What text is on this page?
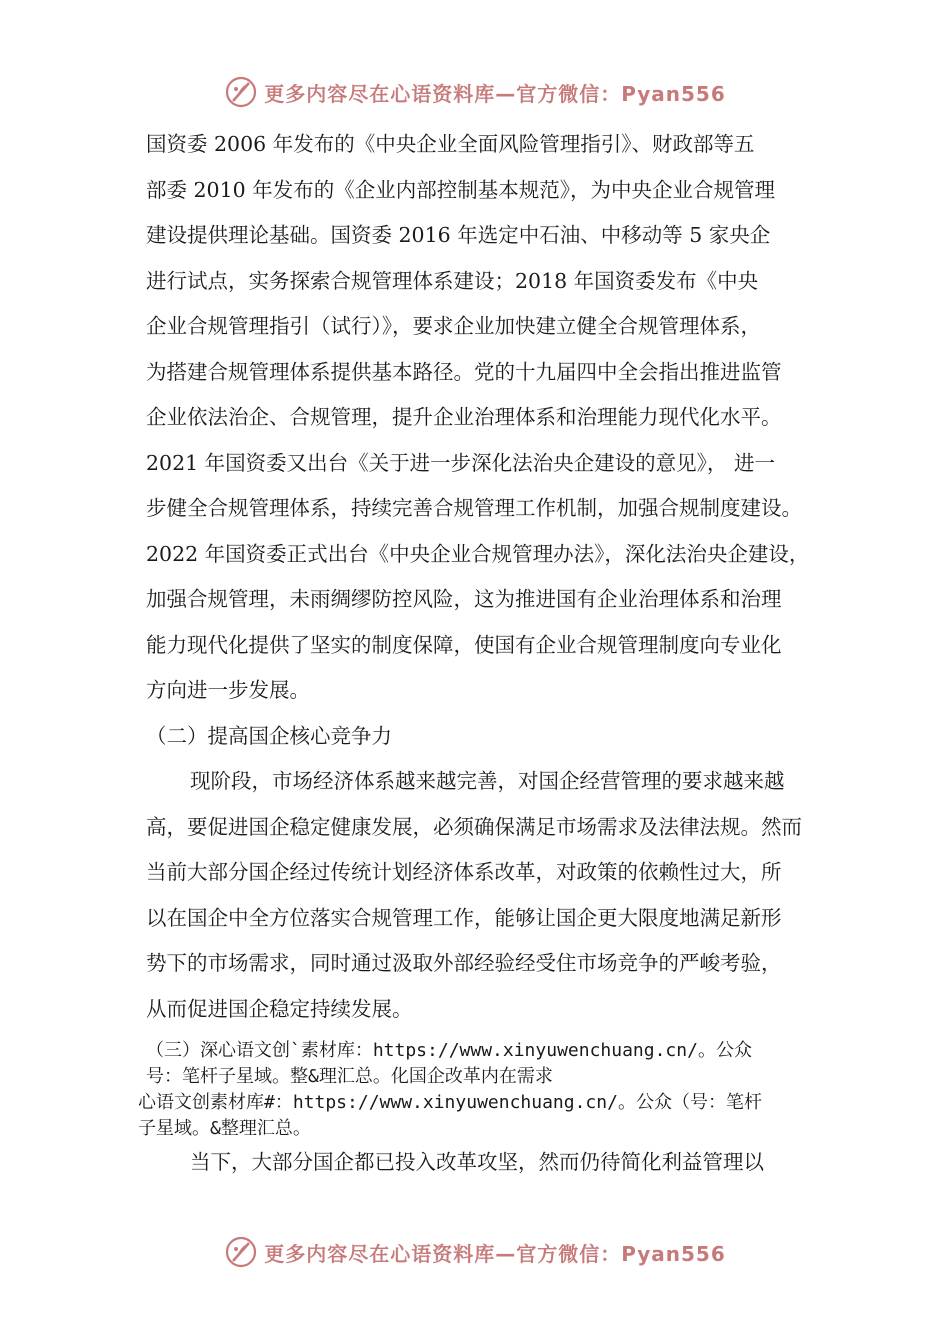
更多内容尽在心语资料库—官方微信：Pyan556
国资委 2006 年发布的《中央企业全面风险管理指引》、财政部等五
部委 2010 年发布的《企业内部控制基本规范》，为中央企业合规管理
建设提供理论基础。国资委 2016 年选定中石油、中移动等 5 家央企
进行试点，实务探索合规管理体系建设；2018 年国资委发布《中央
企业合规管理指引（试行）》，要求企业加快建立健全合规管理体系，
为搭建合规管理体系提供基本路径。党的十九届四中全会指出推进监管
企业依法治企、合规管理，提升企业治理体系和治理能力现代化水平。
2021 年国资委又出台《关于进一步深化法治央企建设的意见》， 进一
步健全合规管理体系，持续完善合规管理工作机制，加强合规制度建设。
2022 年国资委正式出台《中央企业合规管理办法》，深化法治央企建设，
加强合规管理，未雨绸缪防控风险，这为推进国有企业治理体系和治理
能力现代化提供了坚实的制度保障，使国有企业合规管理制度向专业化
方向进一步发展。
（二）提高国企核心竞争力
现阶段，市场经济体系越来越完善，对国企经营管理的要求越来越
高，要促进国企稳定健康发展，必须确保满足市场需求及法律法规。然而
当前大部分国企经过传统计划经济体系改革，对政策的依赖性过大，所
以在国企中全方位落实合规管理工作，能够让国企更大限度地满足新形
势下的市场需求，同时通过汲取外部经验经受住市场竞争的严峻考验，
从而促进国企稳定持续发展。
（三）深心语文创`素材库：https://www.xinyuwenchuang.cn/。公众
号：笔杆子星域。整&理汇总。化国企改革内在需求
心语文创素材库#：https://www.xinyuwenchuang.cn/。公众（号：笔杆
子星域。&整理汇总。
当下，大部分国企都已投入改革攻坚，然而仍待简化利益管理以
更多内容尽在心语资料库—官方微信：Pyan556
